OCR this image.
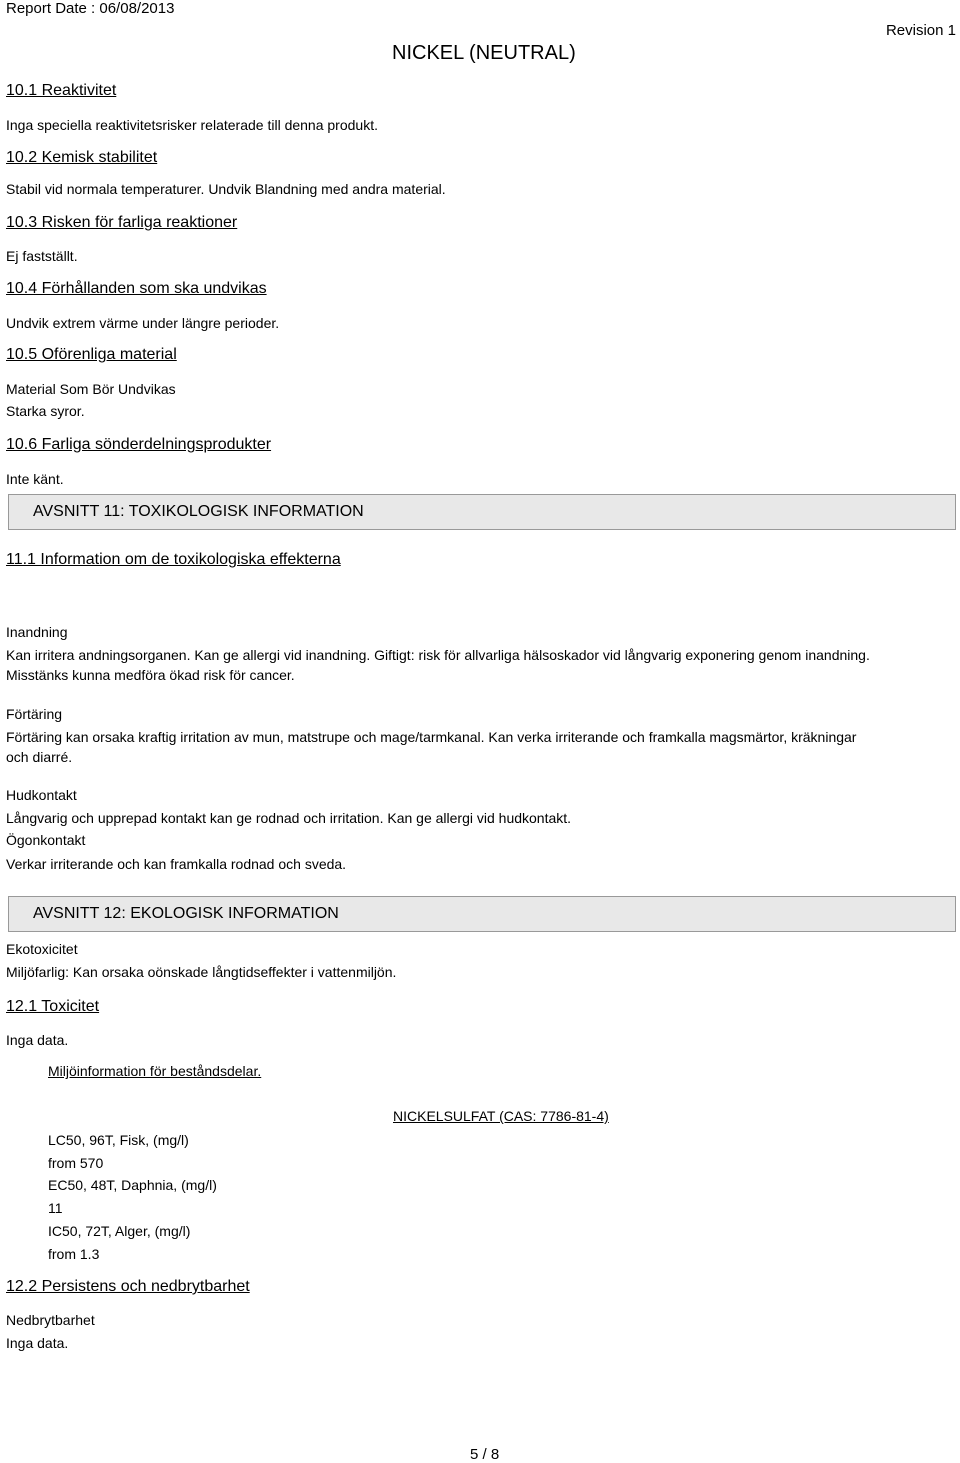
Report Date : 06/08/2013
Revision 1
NICKEL (NEUTRAL)
10.1 Reaktivitet
Inga speciella reaktivitetsrisker relaterade till denna produkt.
10.2 Kemisk stabilitet
Stabil vid normala temperaturer. Undvik Blandning med andra material.
10.3 Risken för farliga reaktioner
Ej fastställt.
10.4 Förhållanden som ska undvikas
Undvik extrem värme under längre perioder.
10.5 Oförenliga material
Material Som Bör Undvikas
Starka syror.
10.6 Farliga sönderdelningsprodukter
Inte känt.
AVSNITT 11: TOXIKOLOGISK INFORMATION
11.1 Information om de toxikologiska effekterna
Inandning
Kan irritera andningsorganen. Kan ge allergi vid inandning. Giftigt: risk för allvarliga hälsoskador vid långvarig exponering genom inandning.
Misstänks kunna medföra ökad risk för cancer.
Förtäring
Förtäring kan orsaka kraftig irritation av mun, matstrupe och mage/tarmkanal. Kan verka irriterande och framkalla magsmärtor, kräkningar
och diarré.
Hudkontakt
Långvarig och upprepad kontakt kan ge rodnad och irritation. Kan ge allergi vid hudkontakt.
Ögonkontakt
Verkar irriterande och kan framkalla rodnad och sveda.
AVSNITT 12: EKOLOGISK INFORMATION
Ekotoxicitet
Miljöfarlig: Kan orsaka oönskade långtidseffekter i vattenmiljön.
12.1 Toxicitet
Inga data.
Miljöinformation för beståndsdelar.
NICKELSULFAT (CAS: 7786-81-4)
LC50, 96T, Fisk, (mg/l)
from 570
EC50, 48T, Daphnia, (mg/l)
11
IC50, 72T, Alger, (mg/l)
from 1.3
12.2 Persistens och nedbrytbarhet
Nedbrytbarhet
Inga data.
5 / 8
